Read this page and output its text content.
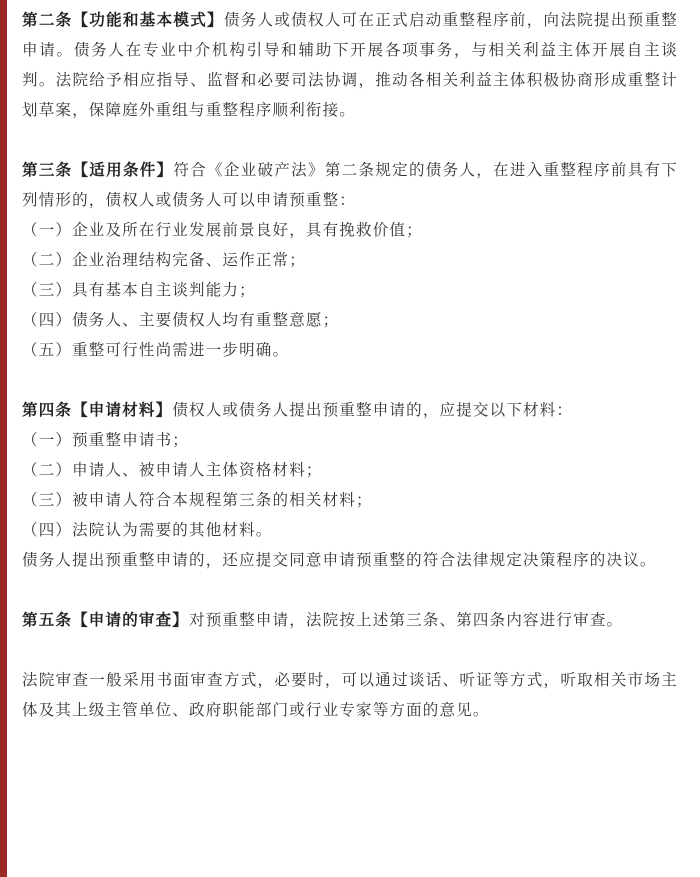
第二条【功能和基本模式】债务人或债权人可在正式启动重整程序前，向法院提出预重整申请。债务人在专业中介机构引导和辅助下开展各项事务，与相关利益主体开展自主谈判。法院给予相应指导、监督和必要司法协调，推动各相关利益主体积极协商形成重整计划草案，保障庭外重组与重整程序顺利衔接。

第三条【适用条件】符合《企业破产法》第二条规定的债务人，在进入重整程序前具有下列情形的，债权人或债务人可以申请预重整：

（一）企业及所在行业发展前景良好，具有挽救价值；

（二）企业治理结构完备、运作正常；

（三）具有基本自主谈判能力；

（四）债务人、主要债权人均有重整意愿；

（五）重整可行性尚需进一步明确。

第四条【申请材料】债权人或债务人提出预重整申请的，应提交以下材料：

（一）预重整申请书；

（二）申请人、被申请人主体资格材料；

（三）被申请人符合本规程第三条的相关材料；

（四）法院认为需要的其他材料。

债务人提出预重整申请的，还应提交同意申请预重整的符合法律规定决策程序的决议。

第五条【申请的审查】对预重整申请，法院按上述第三条、第四条内容进行审查。

法院审查一般采用书面审查方式，必要时，可以通过谈话、听证等方式，听取相关市场主体及其上级主管单位、政府职能部门或行业专家等方面的意见。
